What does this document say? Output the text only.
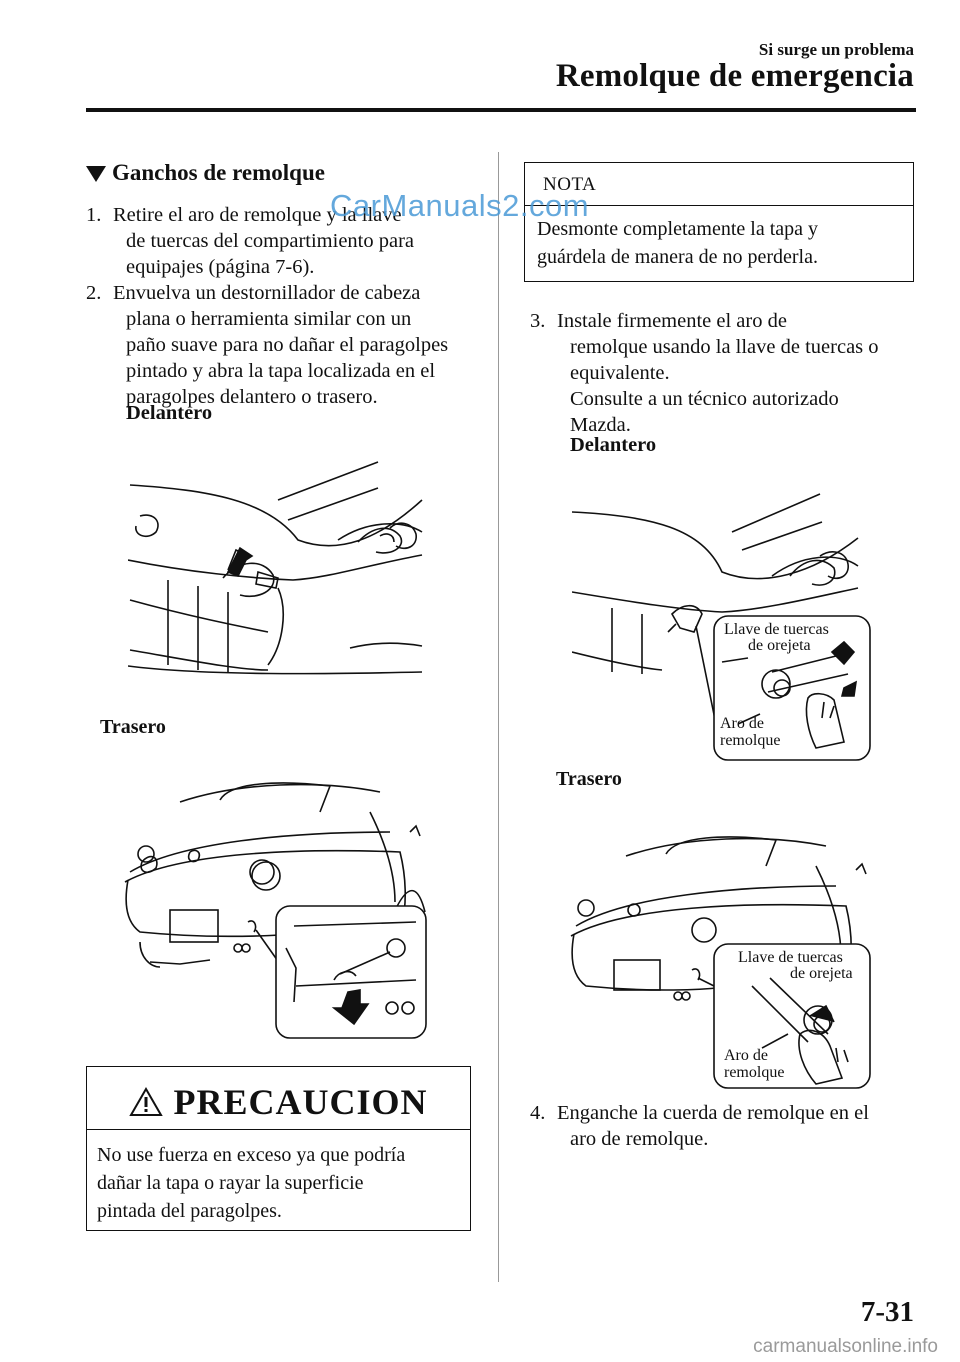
Si surge un problema
Remolque de emergencia
Ganchos de remolque
1. Retire el aro de remolque y la llave
de tuercas del compartimiento para
equipajes (página 7-6).
2. Envuelva un destornillador de cabeza
plana o herramienta similar con un
paño suave para no dañar el paragolpes
pintado y abra la tapa localizada en el
paragolpes delantero o trasero.
Delantero
Trasero
PRECAUCION
No use fuerza en exceso ya que podría
dañar la tapa o rayar la superficie
pintada del paragolpes.
NOTA
Desmonte completamente la tapa y
guárdela de manera de no perderla.
3. Instale firmemente el aro de
remolque usando la llave de tuercas o
equivalente.
Consulte a un técnico autorizado
Mazda.
Delantero
Llave de tuercas
de orejeta
Aro de
remolque
Trasero
Llave de tuercas
de orejeta
Aro de
remolque
4. Enganche la cuerda de remolque en el
aro de remolque.
CarManuals2.com
7-31
carmanualsonline.info
